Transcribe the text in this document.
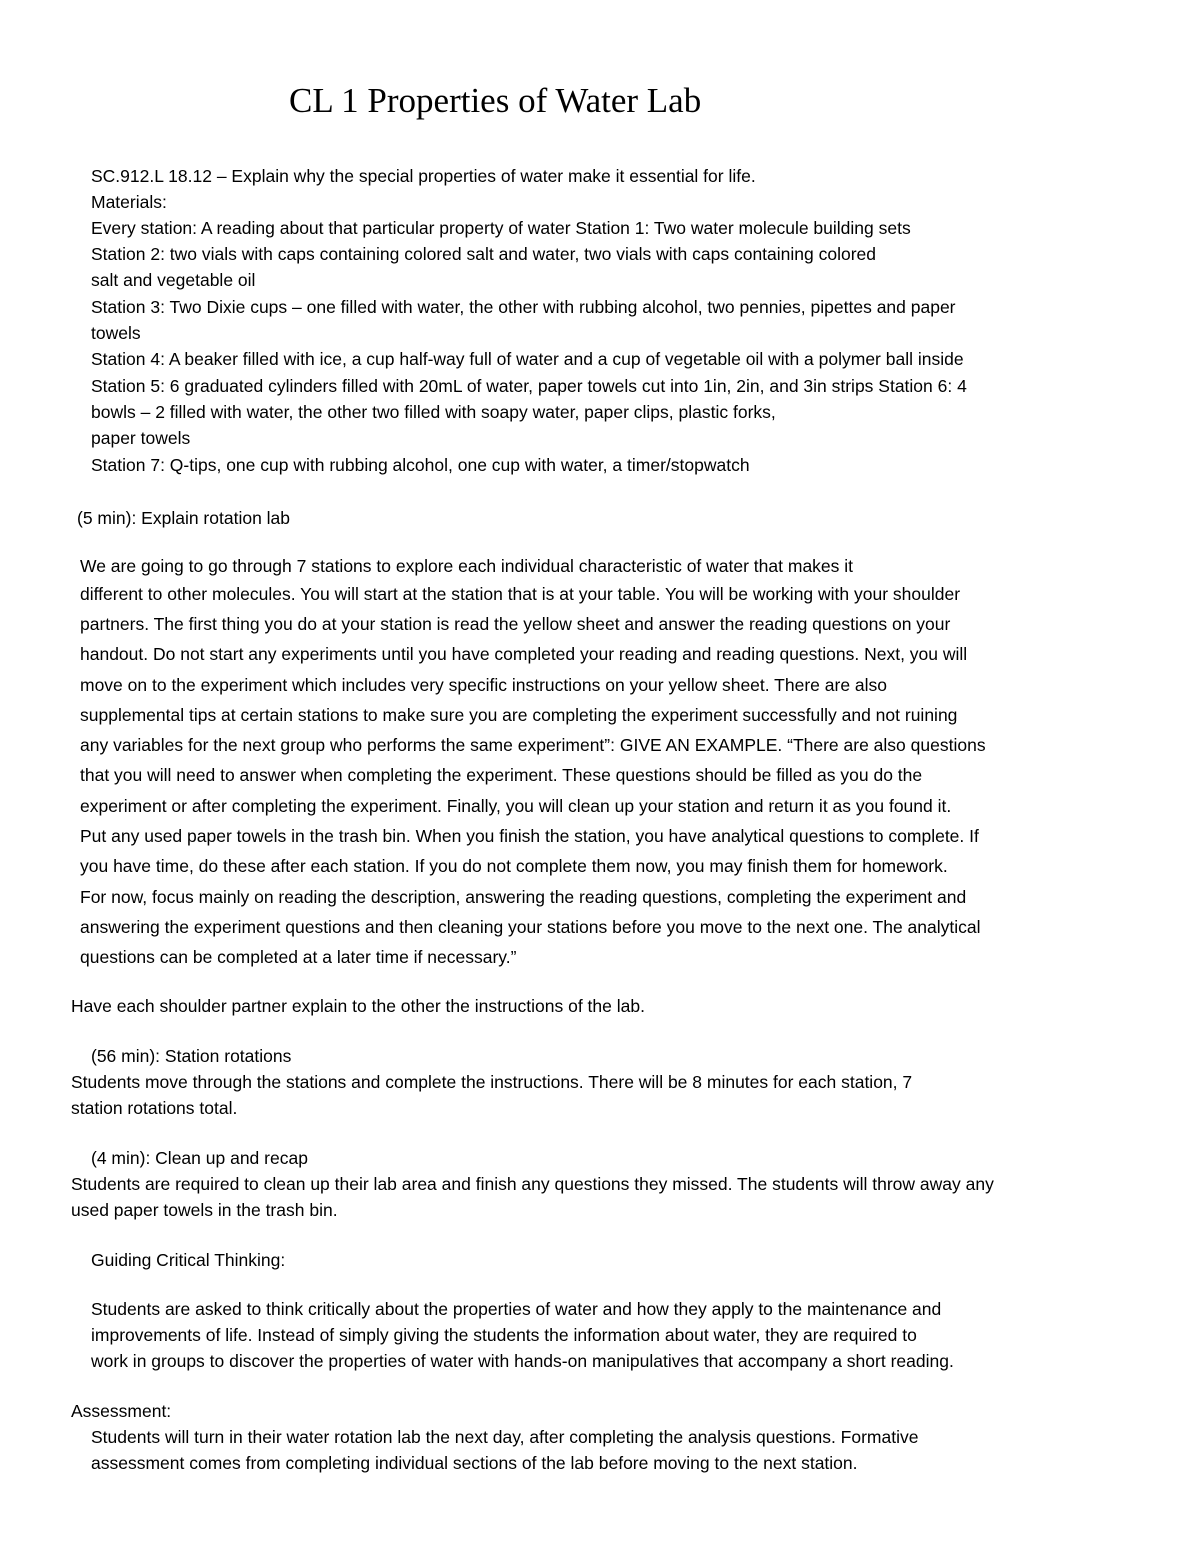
CL 1 Properties of Water Lab
SC.912.L 18.12 – Explain why the special properties of water make it essential for life.
Materials:
Every station: A reading about that particular property of water Station 1: Two water molecule building sets
Station 2: two vials with caps containing colored salt and water, two vials with caps containing colored
salt and vegetable oil
Station 3: Two Dixie cups – one filled with water, the other with rubbing alcohol, two pennies, pipettes and paper
towels
Station 4: A beaker filled with ice, a cup half-way full of water and a cup of vegetable oil with a polymer ball inside
Station 5: 6 graduated cylinders filled with 20mL of water, paper towels cut into 1in, 2in, and 3in strips Station 6: 4
bowls – 2 filled with water, the other two filled with soapy water, paper clips, plastic forks,
paper towels
Station 7: Q-tips, one cup with rubbing alcohol, one cup with water, a timer/stopwatch
(5 min): Explain rotation lab
We are going to go through 7 stations to explore each individual characteristic of water that makes it
different to other molecules. You will start at the station that is at your table. You will be working with your shoulder
partners. The first thing you do at your station is read the yellow sheet and answer the reading questions on your
handout. Do not start any experiments until you have completed your reading and reading questions. Next, you will
move on to the experiment which includes very specific instructions on your yellow sheet. There are also
supplemental tips at certain stations to make sure you are completing the experiment successfully and not ruining
any variables for the next group who performs the same experiment”: GIVE AN EXAMPLE. “There are also questions
that you will need to answer when completing the experiment. These questions should be filled as you do the
experiment or after completing the experiment. Finally, you will clean up your station and return it as you found it.
Put any used paper towels in the trash bin. When you finish the station, you have analytical questions to complete. If
you have time, do these after each station. If you do not complete them now, you may finish them for homework.
For now, focus mainly on reading the description, answering the reading questions, completing the experiment and
answering the experiment questions and then cleaning your stations before you move to the next one. The analytical
questions can be completed at a later time if necessary.”
Have each shoulder partner explain to the other the instructions of the lab.
(56 min): Station rotations
Students move through the stations and complete the instructions. There will be 8 minutes for each station, 7
station rotations total.
(4 min): Clean up and recap
Students are required to clean up their lab area and finish any questions they missed. The students will throw away any
used paper towels in the trash bin.
Guiding Critical Thinking:
Students are asked to think critically about the properties of water and how they apply to the maintenance and
improvements of life. Instead of simply giving the students the information about water, they are required to
work in groups to discover the properties of water with hands-on manipulatives that accompany a short reading.
Assessment:
Students will turn in their water rotation lab the next day, after completing the analysis questions. Formative
assessment comes from completing individual sections of the lab before moving to the next station.
